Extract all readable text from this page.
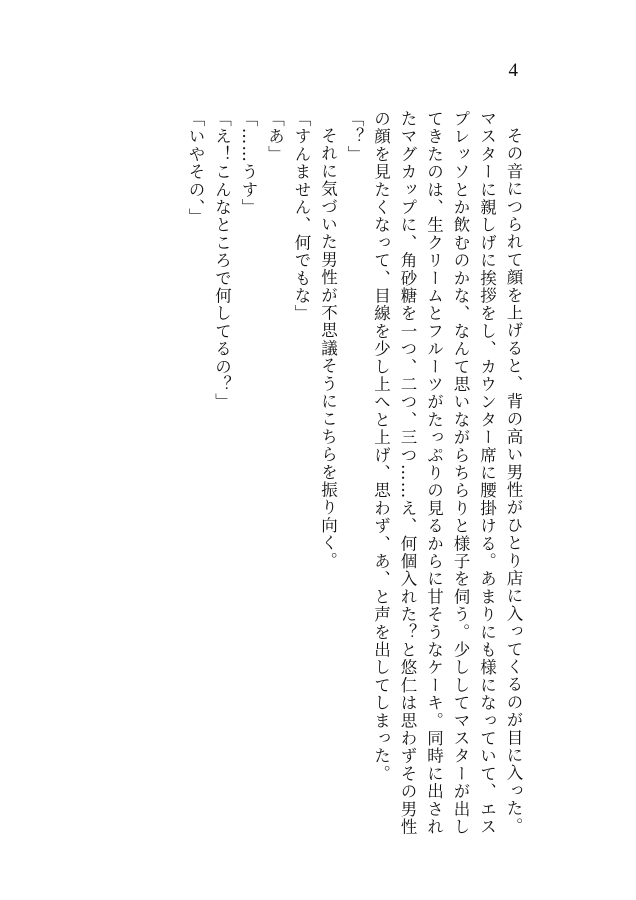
4

その音につられて顔を上げると、背の高い男性がひとり店に入ってくるのが目に入った。マスターに親しげに挨拶をし、カウンター席に腰掛ける。あまりにも様になっていて、エスプレッソとか飲むのかな、なんて思いながらちらりと様子を伺う。少ししてマスターが出してきたのは、生クリームとフルーツがたっぷりの見るからに甘そうなケーキ。同時に出されたマグカップに、角砂糖を一つ、二つ、三つ……え、何個入れた？と悠仁は思わずその男性の顔を見たくなって、目線を少し上へと上げ、思わず、あ、と声を出してしまった。

「？」

それに気づいた男性が不思議そうにこちらを振り向く。

「すんません、何でもな」

「あ」

「……うす」

「え！こんなところで何してるの？」

「いやその、」
